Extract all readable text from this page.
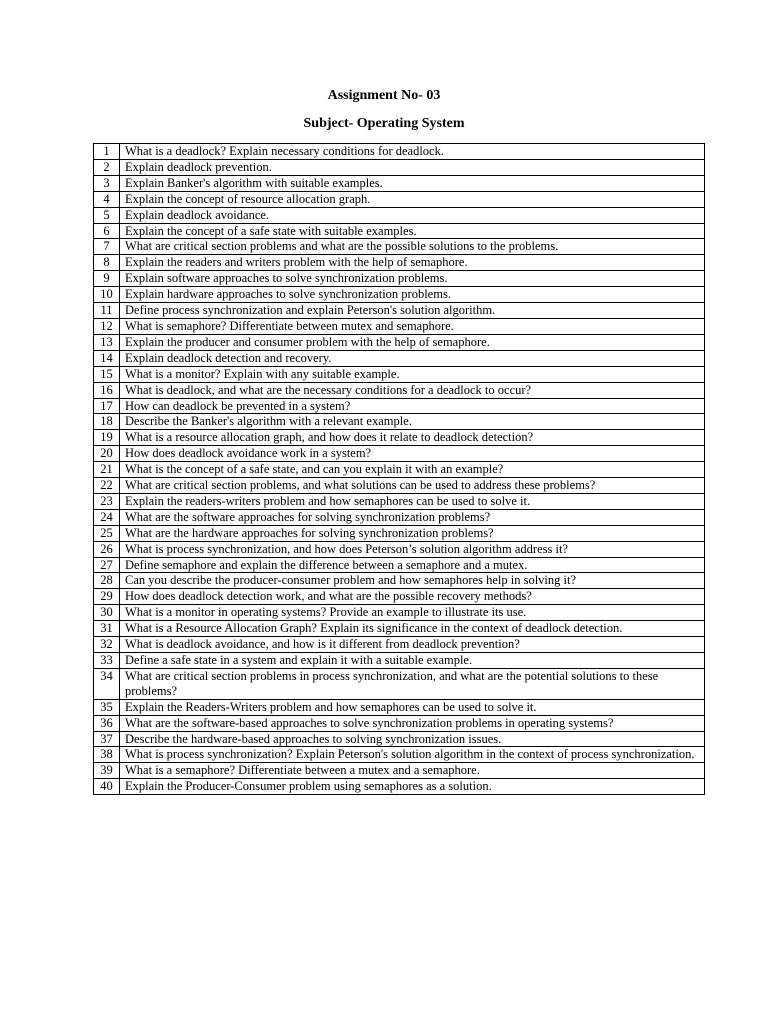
Assignment No- 03
Subject- Operating System
1	What is a deadlock? Explain necessary conditions for deadlock.
2	Explain deadlock prevention.
3	Explain Banker's algorithm with suitable examples.
4	Explain the concept of resource allocation graph.
5	Explain deadlock avoidance.
6	Explain the concept of a safe state with suitable examples.
7	What are critical section problems and what are the possible solutions to the problems.
8	Explain the readers and writers problem with the help of semaphore.
9	Explain software approaches to solve synchronization problems.
10	Explain hardware approaches to solve synchronization problems.
11	Define process synchronization and explain Peterson's solution algorithm.
12	What is semaphore? Differentiate between mutex and semaphore.
13	Explain the producer and consumer problem with the help of semaphore.
14	Explain deadlock detection and recovery.
15	What is a monitor? Explain with any suitable example.
16	What is deadlock, and what are the necessary conditions for a deadlock to occur?
17	How can deadlock be prevented in a system?
18	Describe the Banker's algorithm with a relevant example.
19	What is a resource allocation graph, and how does it relate to deadlock detection?
20	How does deadlock avoidance work in a system?
21	What is the concept of a safe state, and can you explain it with an example?
22	What are critical section problems, and what solutions can be used to address these problems?
23	Explain the readers-writers problem and how semaphores can be used to solve it.
24	What are the software approaches for solving synchronization problems?
25	What are the hardware approaches for solving synchronization problems?
26	What is process synchronization, and how does Peterson’s solution algorithm address it?
27	Define semaphore and explain the difference between a semaphore and a mutex.
28	Can you describe the producer-consumer problem and how semaphores help in solving it?
29	How does deadlock detection work, and what are the possible recovery methods?
30	What is a monitor in operating systems? Provide an example to illustrate its use.
31	What is a Resource Allocation Graph? Explain its significance in the context of deadlock detection.
32	What is deadlock avoidance, and how is it different from deadlock prevention?
33	Define a safe state in a system and explain it with a suitable example.
34	What are critical section problems in process synchronization, and what are the potential solutions to these problems?
35	Explain the Readers-Writers problem and how semaphores can be used to solve it.
36	What are the software-based approaches to solve synchronization problems in operating systems?
37	Describe the hardware-based approaches to solving synchronization issues.
38	What is process synchronization? Explain Peterson's solution algorithm in the context of process synchronization.
39	What is a semaphore? Differentiate between a mutex and a semaphore.
40	Explain the Producer-Consumer problem using semaphores as a solution.
